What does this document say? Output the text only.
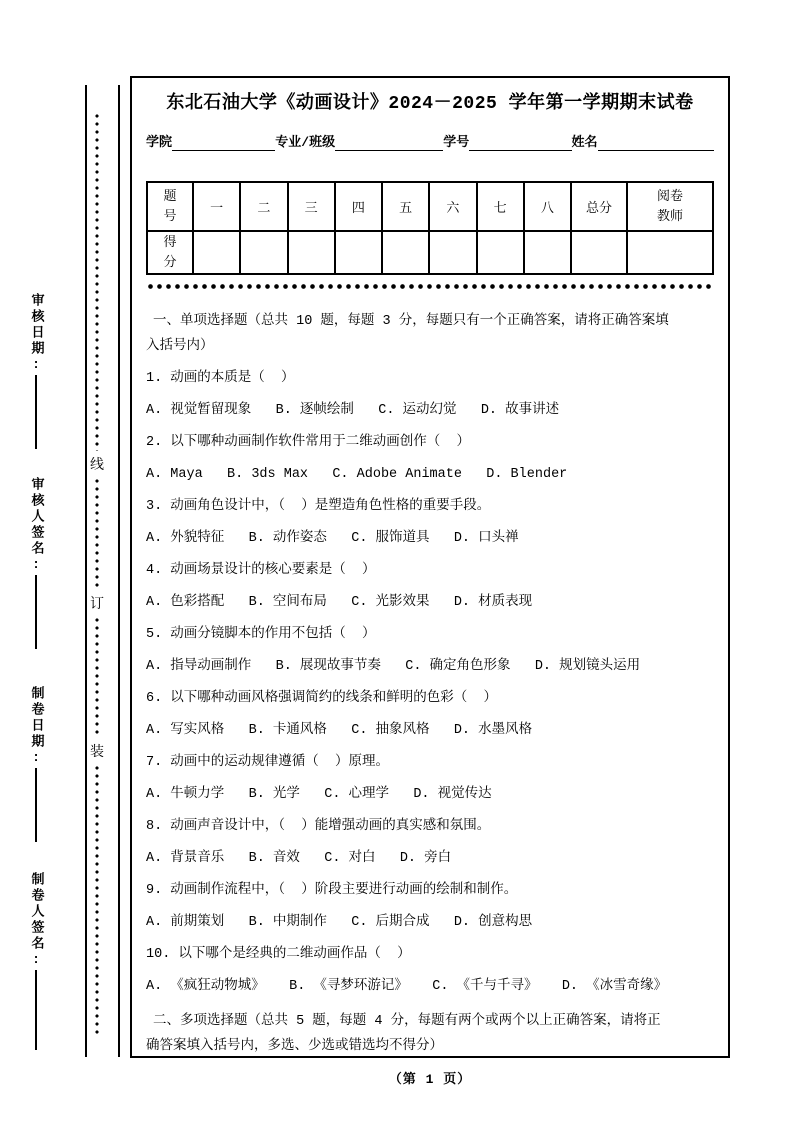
审核日期:
审核人签名:
制卷日期:
制卷人签名:
线
订
装
东北石油大学《动画设计》2024－2025 学年第一学期期末试卷
学院	专业/班级	学号	姓名
题号	一	二	三	四	五	六	七	八	总分	阅卷教师
得分										
一、单项选择题（总共 10 题，每题 3 分，每题只有一个正确答案，请将正确答案填
入括号内）
1. 动画的本质是（  ）
A. 视觉暂留现象   B. 逐帧绘制   C. 运动幻觉   D. 故事讲述
2. 以下哪种动画制作软件常用于二维动画创作（  ）
A. Maya   B. 3ds Max   C. Adobe Animate   D. Blender
3. 动画角色设计中，（  ）是塑造角色性格的重要手段。
A. 外貌特征   B. 动作姿态   C. 服饰道具   D. 口头禅
4. 动画场景设计的核心要素是（  ）
A. 色彩搭配   B. 空间布局   C. 光影效果   D. 材质表现
5. 动画分镜脚本的作用不包括（  ）
A. 指导动画制作   B. 展现故事节奏   C. 确定角色形象   D. 规划镜头运用
6. 以下哪种动画风格强调简约的线条和鲜明的色彩（  ）
A. 写实风格   B. 卡通风格   C. 抽象风格   D. 水墨风格
7. 动画中的运动规律遵循（  ）原理。
A. 牛顿力学   B. 光学   C. 心理学   D. 视觉传达
8. 动画声音设计中，（  ）能增强动画的真实感和氛围。
A. 背景音乐   B. 音效   C. 对白   D. 旁白
9. 动画制作流程中，（  ）阶段主要进行动画的绘制和制作。
A. 前期策划   B. 中期制作   C. 后期合成   D. 创意构思
10. 以下哪个是经典的二维动画作品（  ）
A. 《疯狂动物城》   B. 《寻梦环游记》   C. 《千与千寻》   D. 《冰雪奇缘》
二、多项选择题（总共 5 题，每题 4 分，每题有两个或两个以上正确答案，请将正
确答案填入括号内，多选、少选或错选均不得分）
（第 1 页）
